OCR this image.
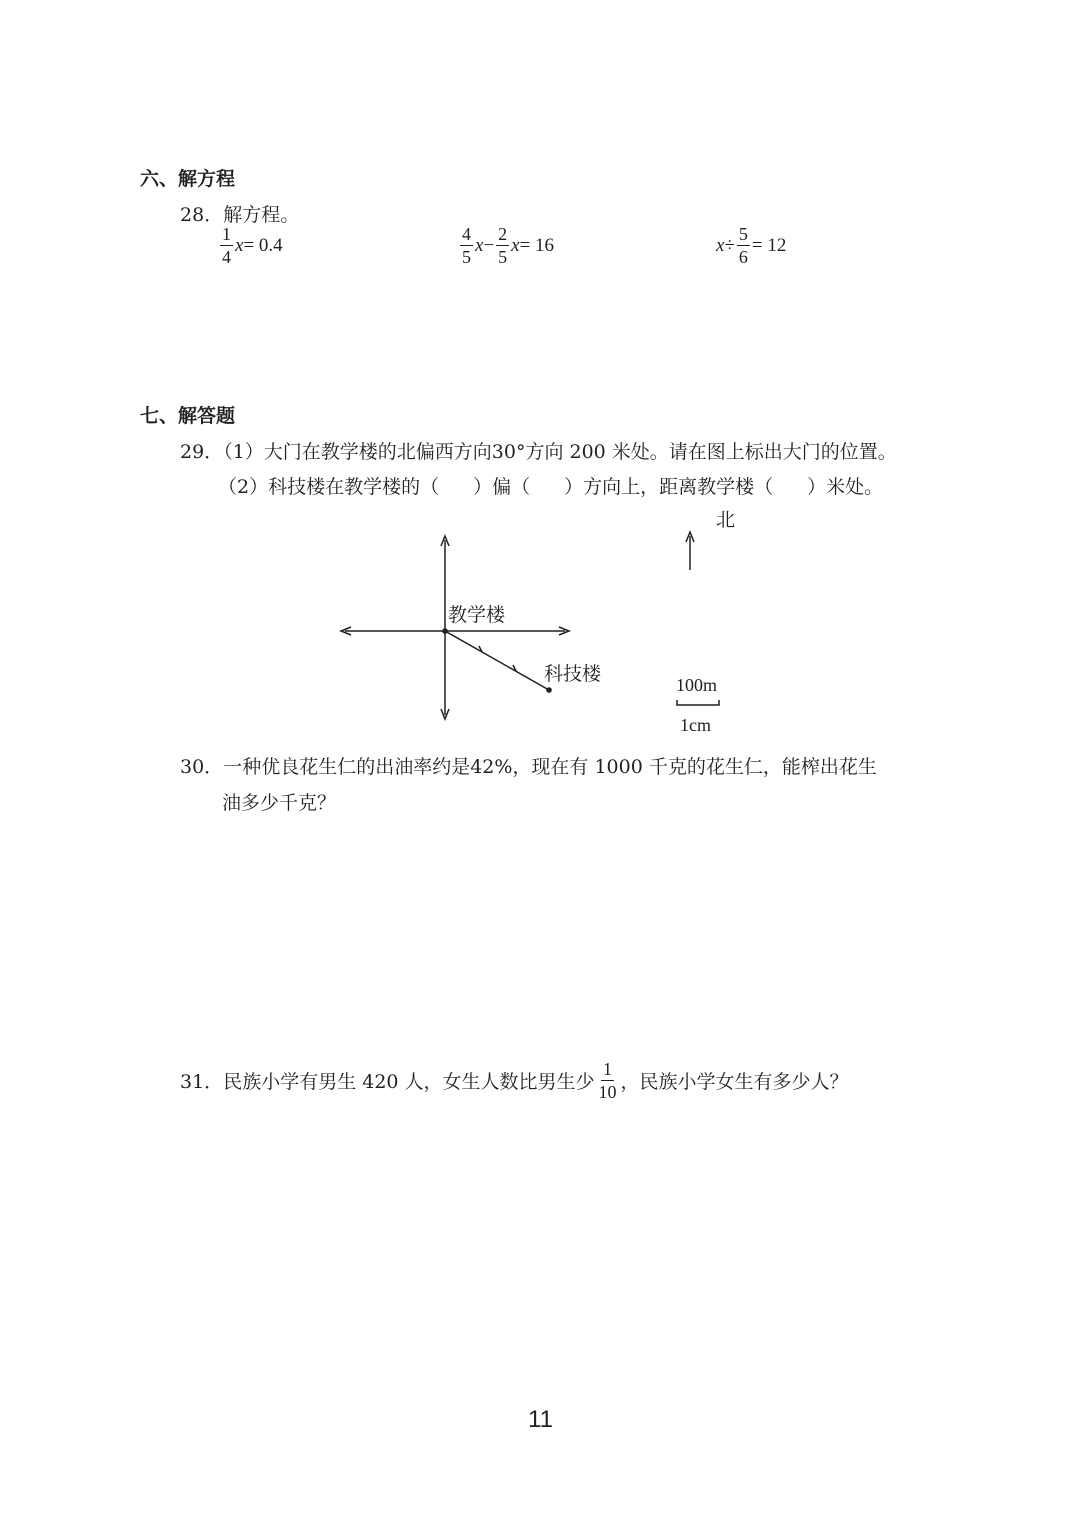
六、解方程
28．解方程。
$\frac{1}{4}$ x = 0.4	$\frac{4}{5}$ $x - \frac{2}{5}$ x = 16	$x \div \frac{5}{6} = 12$
七、解答题
29．（1）大门在教学楼的北偏西方向30°方向 200 米处。请在图上标出大门的位置。
（2）科技楼在教学楼的（ ）偏（ ）方向上，距离教学楼（ ）米处。
北
教学楼
科技楼	100m
1cm
30．一种优良花生仁的出油率约是42%，现在有 1000 千克的花生仁，能榨出花生
油多少千克？
31． 民族小学有男生 420 人，女生人数比男生少 $\frac{1}{10}$ ，民族小学女生有多少人？
11
